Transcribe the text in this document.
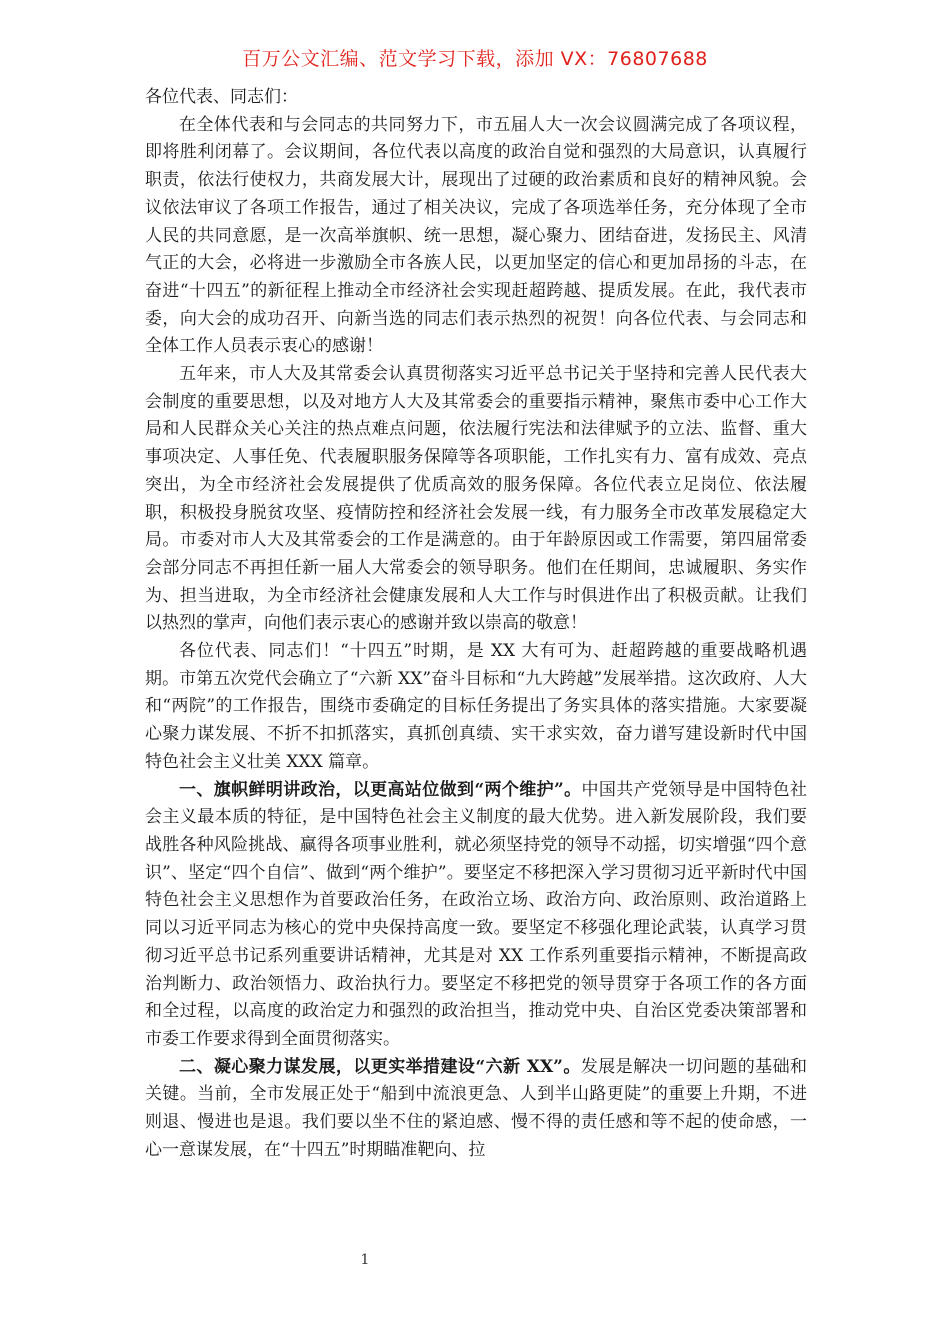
百万公文汇编、范文学习下载，添加 VX：76807688

各位代表、同志们：

在全体代表和与会同志的共同努力下，市五届人大一次会议圆满完成了各项议程，即将胜利闭幕了。会议期间，各位代表以高度的政治自觉和强烈的大局意识，认真履行职责，依法行使权力，共商发展大计，展现出了过硬的政治素质和良好的精神风貌。会议依法审议了各项工作报告，通过了相关决议，完成了各项选举任务，充分体现了全市人民的共同意愿，是一次高举旗帜、统一思想，凝心聚力、团结奋进，发扬民主、风清气正的大会，必将进一步激励全市各族人民，以更加坚定的信心和更加昂扬的斗志，在奋进“十四五”的新征程上推动全市经济社会实现赶超跨越、提质发展。在此，我代表市委，向大会的成功召开、向新当选的同志们表示热烈的祝贺！向各位代表、与会同志和全体工作人员表示衷心的感谢！

五年来，市人大及其常委会认真贯彻落实习近平总书记关于坚持和完善人民代表大会制度的重要思想，以及对地方人大及其常委会的重要指示精神，聚焦市委中心工作大局和人民群众关心关注的热点难点问题，依法履行宪法和法律赋予的立法、监督、重大事项决定、人事任免、代表履职服务保障等各项职能，工作扎实有力、富有成效、亮点突出，为全市经济社会发展提供了优质高效的服务保障。各位代表立足岗位、依法履职，积极投身脱贫攻坚、疫情防控和经济社会发展一线，有力服务全市改革发展稳定大局。市委对市人大及其常委会的工作是满意的。由于年龄原因或工作需要，第四届常委会部分同志不再担任新一届人大常委会的领导职务。他们在任期间，忠诚履职、务实作为、担当进取，为全市经济社会健康发展和人大工作与时俱进作出了积极贡献。让我们以热烈的掌声，向他们表示衷心的感谢并致以崇高的敬意！

各位代表、同志们！“十四五”时期，是 XX 大有可为、赶超跨越的重要战略机遇期。市第五次党代会确立了“六新 XX”奋斗目标和“九大跨越”发展举措。这次政府、人大和“两院”的工作报告，围绕市委确定的目标任务提出了务实具体的落实措施。大家要凝心聚力谋发展、不折不扣抓落实，真抓创真绩、实干求实效，奋力谱写建设新时代中国特色社会主义壮美 XXX 篇章。

一、旗帜鲜明讲政治，以更高站位做到“两个维护”。中国共产党领导是中国特色社会主义最本质的特征，是中国特色社会主义制度的最大优势。进入新发展阶段，我们要战胜各种风险挑战、赢得各项事业胜利，就必须坚持党的领导不动摇，切实增强“四个意识”、坚定“四个自信”、做到“两个维护”。要坚定不移把深入学习贯彻习近平新时代中国特色社会主义思想作为首要政治任务，在政治立场、政治方向、政治原则、政治道路上同以习近平同志为核心的党中央保持高度一致。要坚定不移强化理论武装，认真学习贯彻习近平总书记系列重要讲话精神，尤其是对 XX 工作系列重要指示精神，不断提高政治判断力、政治领悟力、政治执行力。要坚定不移把党的领导贯穿于各项工作的各方面和全过程，以高度的政治定力和强烈的政治担当，推动党中央、自治区党委决策部署和市委工作要求得到全面贯彻落实。

二、凝心聚力谋发展，以更实举措建设“六新 XX”。发展是解决一切问题的基础和关键。当前，全市发展正处于“船到中流浪更急、人到半山路更陡”的重要上升期，不进则退、慢进也是退。我们要以坐不住的紧迫感、慢不得的责任感和等不起的使命感，一心一意谋发展，在“十四五”时期瞄准靶向、拉

1
